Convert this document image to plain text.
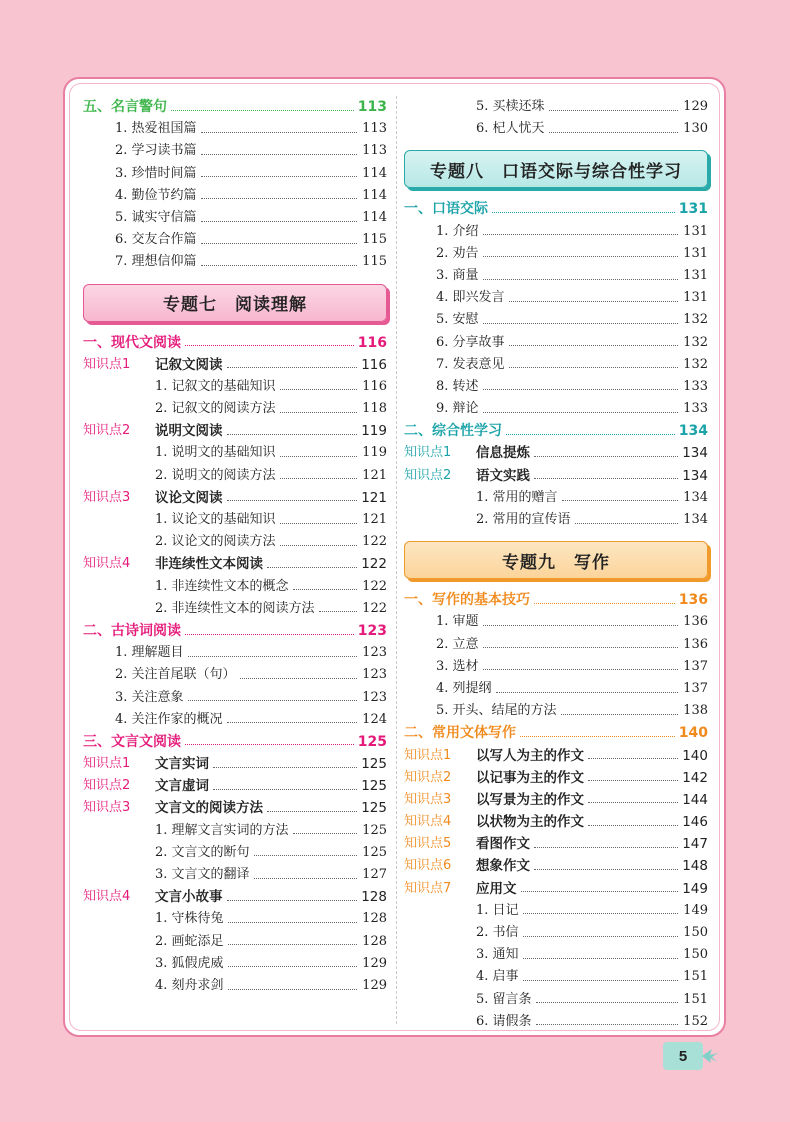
五、名言警句	113
1. 热爱祖国篇	113
2. 学习读书篇	113
3. 珍惜时间篇	114
4. 勤俭节约篇	114
5. 诚实守信篇	114
6. 交友合作篇	115
7. 理想信仰篇	115
专题七　阅读理解
一、现代文阅读	116
知识点1	记叙文阅读	116
1. 记叙文的基础知识	116
2. 记叙文的阅读方法	118
知识点2	说明文阅读	119
1. 说明文的基础知识	119
2. 说明文的阅读方法	121
知识点3	议论文阅读	121
1. 议论文的基础知识	121
2. 议论文的阅读方法	122
知识点4	非连续性文本阅读	122
1. 非连续性文本的概念	122
2. 非连续性文本的阅读方法	122
二、古诗词阅读	123
1. 理解题目	123
2. 关注首尾联（句）	123
3. 关注意象	123
4. 关注作家的概况	124
三、文言文阅读	125
知识点1	文言实词	125
知识点2	文言虚词	125
知识点3	文言文的阅读方法	125
1. 理解文言实词的方法	125
2. 文言文的断句	125
3. 文言文的翻译	127
知识点4	文言小故事	128
1. 守株待兔	128
2. 画蛇添足	128
3. 狐假虎威	129
4. 刻舟求剑	129
5. 买椟还珠	129
6. 杞人忧天	130
专题八　口语交际与综合性学习
一、口语交际	131
1. 介绍	131
2. 劝告	131
3. 商量	131
4. 即兴发言	131
5. 安慰	132
6. 分享故事	132
7. 发表意见	132
8. 转述	133
9. 辩论	133
二、综合性学习	134
知识点1	信息提炼	134
知识点2	语文实践	134
1. 常用的赠言	134
2. 常用的宣传语	134
专题九　写作
一、写作的基本技巧	136
1. 审题	136
2. 立意	136
3. 选材	137
4. 列提纲	137
5. 开头、结尾的方法	138
二、常用文体写作	140
知识点1	以写人为主的作文	140
知识点2	以记事为主的作文	142
知识点3	以写景为主的作文	144
知识点4	以状物为主的作文	146
知识点5	看图作文	147
知识点6	想象作文	148
知识点7	应用文	149
1. 日记	149
2. 书信	150
3. 通知	150
4. 启事	151
5. 留言条	151
6. 请假条	152
5
